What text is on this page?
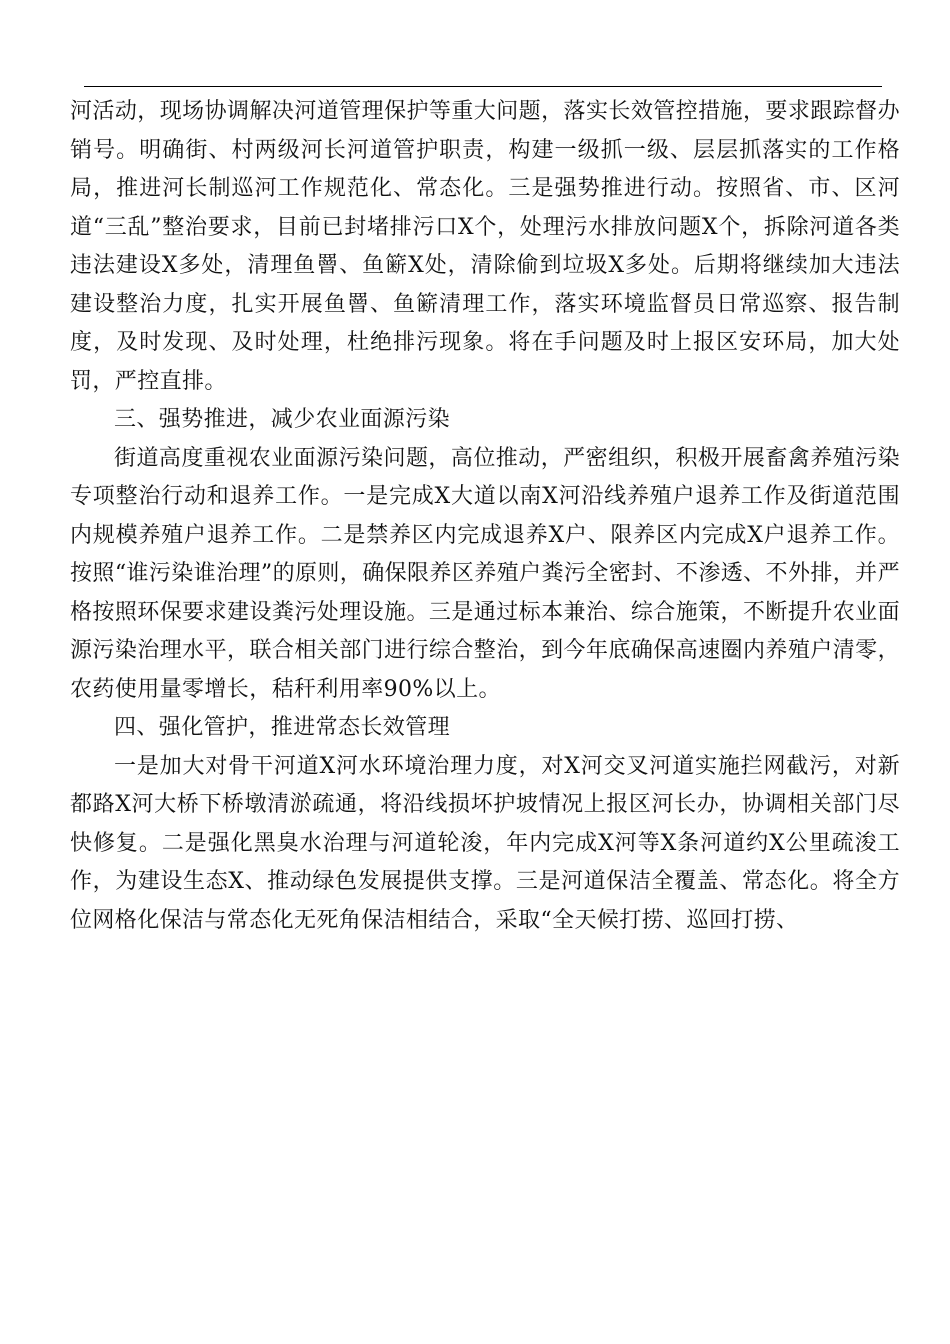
河活动，现场协调解决河道管理保护等重大问题，落实长效管控措施，要求跟踪督办销号。明确街、村两级河长河道管护职责，构建一级抓一级、层层抓落实的工作格局，推进河长制巡河工作规范化、常态化。三是强势推进行动。按照省、市、区河道“三乱”整治要求，目前已封堵排污口X个，处理污水排放问题X个，拆除河道各类违法建设X多处，清理鱼罾、鱼簖X处，清除偷到垃圾X多处。后期将继续加大违法建设整治力度，扎实开展鱼罾、鱼簖清理工作，落实环境监督员日常巡察、报告制度，及时发现、及时处理，杜绝排污现象。将在手问题及时上报区安环局，加大处罚，严控直排。

三、强势推进，减少农业面源污染

街道高度重视农业面源污染问题，高位推动，严密组织，积极开展畜禽养殖污染专项整治行动和退养工作。一是完成X大道以南X河沿线养殖户退养工作及街道范围内规模养殖户退养工作。二是禁养区内完成退养X户、限养区内完成X户退养工作。按照“谁污染谁治理”的原则，确保限养区养殖户粪污全密封、不渗透、不外排，并严格按照环保要求建设粪污处理设施。三是通过标本兼治、综合施策，不断提升农业面源污染治理水平，联合相关部门进行综合整治，到今年底确保高速圈内养殖户清零，农药使用量零增长，秸秆利用率90%以上。

四、强化管护，推进常态长效管理

一是加大对骨干河道X河水环境治理力度，对X河交叉河道实施拦网截污，对新都路X河大桥下桥墩清淤疏通，将沿线损坏护坡情况上报区河长办，协调相关部门尽快修复。二是强化黑臭水治理与河道轮浚，年内完成X河等X条河道约X公里疏浚工作，为建设生态X、推动绿色发展提供支撑。三是河道保洁全覆盖、常态化。将全方位网格化保洁与常态化无死角保洁相结合，采取“全天候打捞、巡回打捞、
